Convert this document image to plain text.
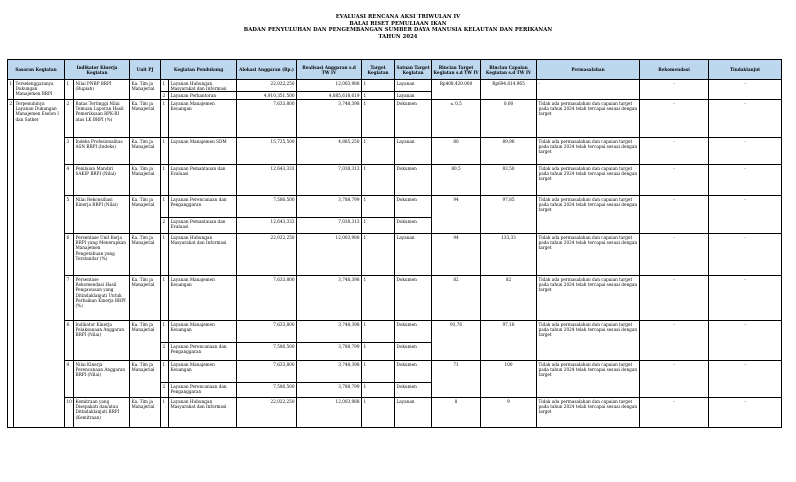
EVALUASI RENCANA AKSI TRIWULAN IV
BALAI RISET PEMULIAAN IKAN
BADAN PENYULUHAN DAN PENGEMBANGAN SUMBER DAYA MANUSIA KELAUTAN DAN PERIKANAN
TAHUN 2024
Sasaran Kegiatan		Indikator Kinerja Kegiatan		Unit PJ	Kegiatan Pendukung		Alokasi Anggaran (Rp.)	Realisasi Anggaran s.d TW IV	Target Kegiatan	Satuan Target Kegiatan	Rincian Target Kegiatan s.d TW IV	Rincian Capaian Kegiatan s.d TW IV	Permasalahan	Rekomendasi	Tindaklanjut
1	Terselenggaranya Dukungan Manajemen BRPI	1	Nilai PNBP BRPI (Rupiah)	Ka. Tim ja Manajerial	1	Layanan Hubungan Masyarakat dan Informasi	22,022,250	12,003,988	1	Layanan	Rp408.420.000	Rp694.814.965	-	-	-
					2	Layanan Perkantoran	4,910,351,500	4,885,618,619	1	Layanan					
2	Terpenuhinya Layanan Dukungan Manajemen Eselon I dan Satker	2	Batas Tertinggi Nilai Temuan Laporan Hasil Pemeriksaan BPK-RI atas LK BRPI (%)	Ka. Tim ja Manajerial	1	Layanan Manajemen Keuangan	7,633,800	3,748,398	1	Dokumen	≤ 0,5	0,00	Tidak ada permasalahan dan capaian target pada tahun 2024 telah tercapai sesuai dengan target	-	-
		3	Indeks Profesionalitas ASN BRPI (Indeks)	Ka. Tim ja Manajerial	1	Layanan Manajemen SDM	15,725,500	4,885,250	1	Layanan	80	89,96	Tidak ada permasalahan dan capaian target pada tahun 2024 telah tercapai sesuai dengan target	-	-
		4	Penilaian Mandiri SAKIP BRPI (Nilai)	Ka. Tim ja Manajerial	1	Layanan Pemantauan dan Evaluasi	12,643,333	7,038,313	1	Dokumen	80,5	83,50	Tidak ada permasalahan dan capaian target pada tahun 2024 telah tercapai sesuai dengan target	-	-
		5	Nilai Rekonsiliasi Kinerja BRPI (Nilai)	Ka. Tim ja Manajerial	1	Layanan Perencanaan dan Penganggaran	7,586,500	3,788,799	1	Dokumen	94	97,85	Tidak ada permasalahan dan capaian target pada tahun 2024 telah tercapai sesuai dengan target	-	-
					2	Layanan Pemantauan dan Evaluasi	12,643,333	7,038,313	1	Dokumen					
		6	Persentase Unit Kerja BRPI yang Menerapkan Manajemen Pengetahuan yang Terstandar (%)	Ka. Tim ja Manajerial	1	Layanan Hubungan Masyarakat dan Informasi	22,022,250	12,003,988	1	Layanan	94	133,33	Tidak ada permasalahan dan capaian target pada tahun 2024 telah tercapai sesuai dengan target	-	-
		7	Persentase Rekomendasi Hasil Pengawasan yang Ditindaklanjuti Untuk Perbaikan Kinerja BRPI (%)	Ka. Tim ja Manajerial	1	Layanan Manajemen Keuangan	7,633,800	3,748,398	1	Dokumen	82	82	Tidak ada permasalahan dan capaian target pada tahun 2024 telah tercapai sesuai dengan target	-	-
		8	Indikator Kinerja Pelaksanaan Anggaran BRPI (Nilai)	Ka. Tim ja Manajerial	1	Layanan Manajemen Keuangan	7,633,800	3,748,398	1	Dokumen	93,76	97,16	Tidak ada permasalahan dan capaian target pada tahun 2024 telah tercapai sesuai dengan target	-	-
					2	Layanan Perencanaan dan Penganggaran	7,586,500	3,788,799	1	Dokumen					
		9	Nilai Kinerja Perencanaan Anggaran BRPI (Nilai)	Ka. Tim ja Manajerial	1	Layanan Manajemen Keuangan	7,633,800	3,748,398	1	Dokumen	71	100	Tidak ada permasalahan dan capaian target pada tahun 2024 telah tercapai sesuai dengan target	-	-
					2	Layanan Perencanaan dan Penganggaran	7,586,500	3,788,799	1	Dokumen					
		10	Kemitraan yang Disepakati dan/atau Ditindaklanjuti BRPI (Kemitraan)	Ka. Tim ja Manajerial	1	Layanan Hubungan Masyarakat dan Informasi	22,022,250	12,003,988	1	Layanan	8	9	Tidak ada permasalahan dan capaian target pada tahun 2024 telah tercapai sesuai dengan target	-	-
